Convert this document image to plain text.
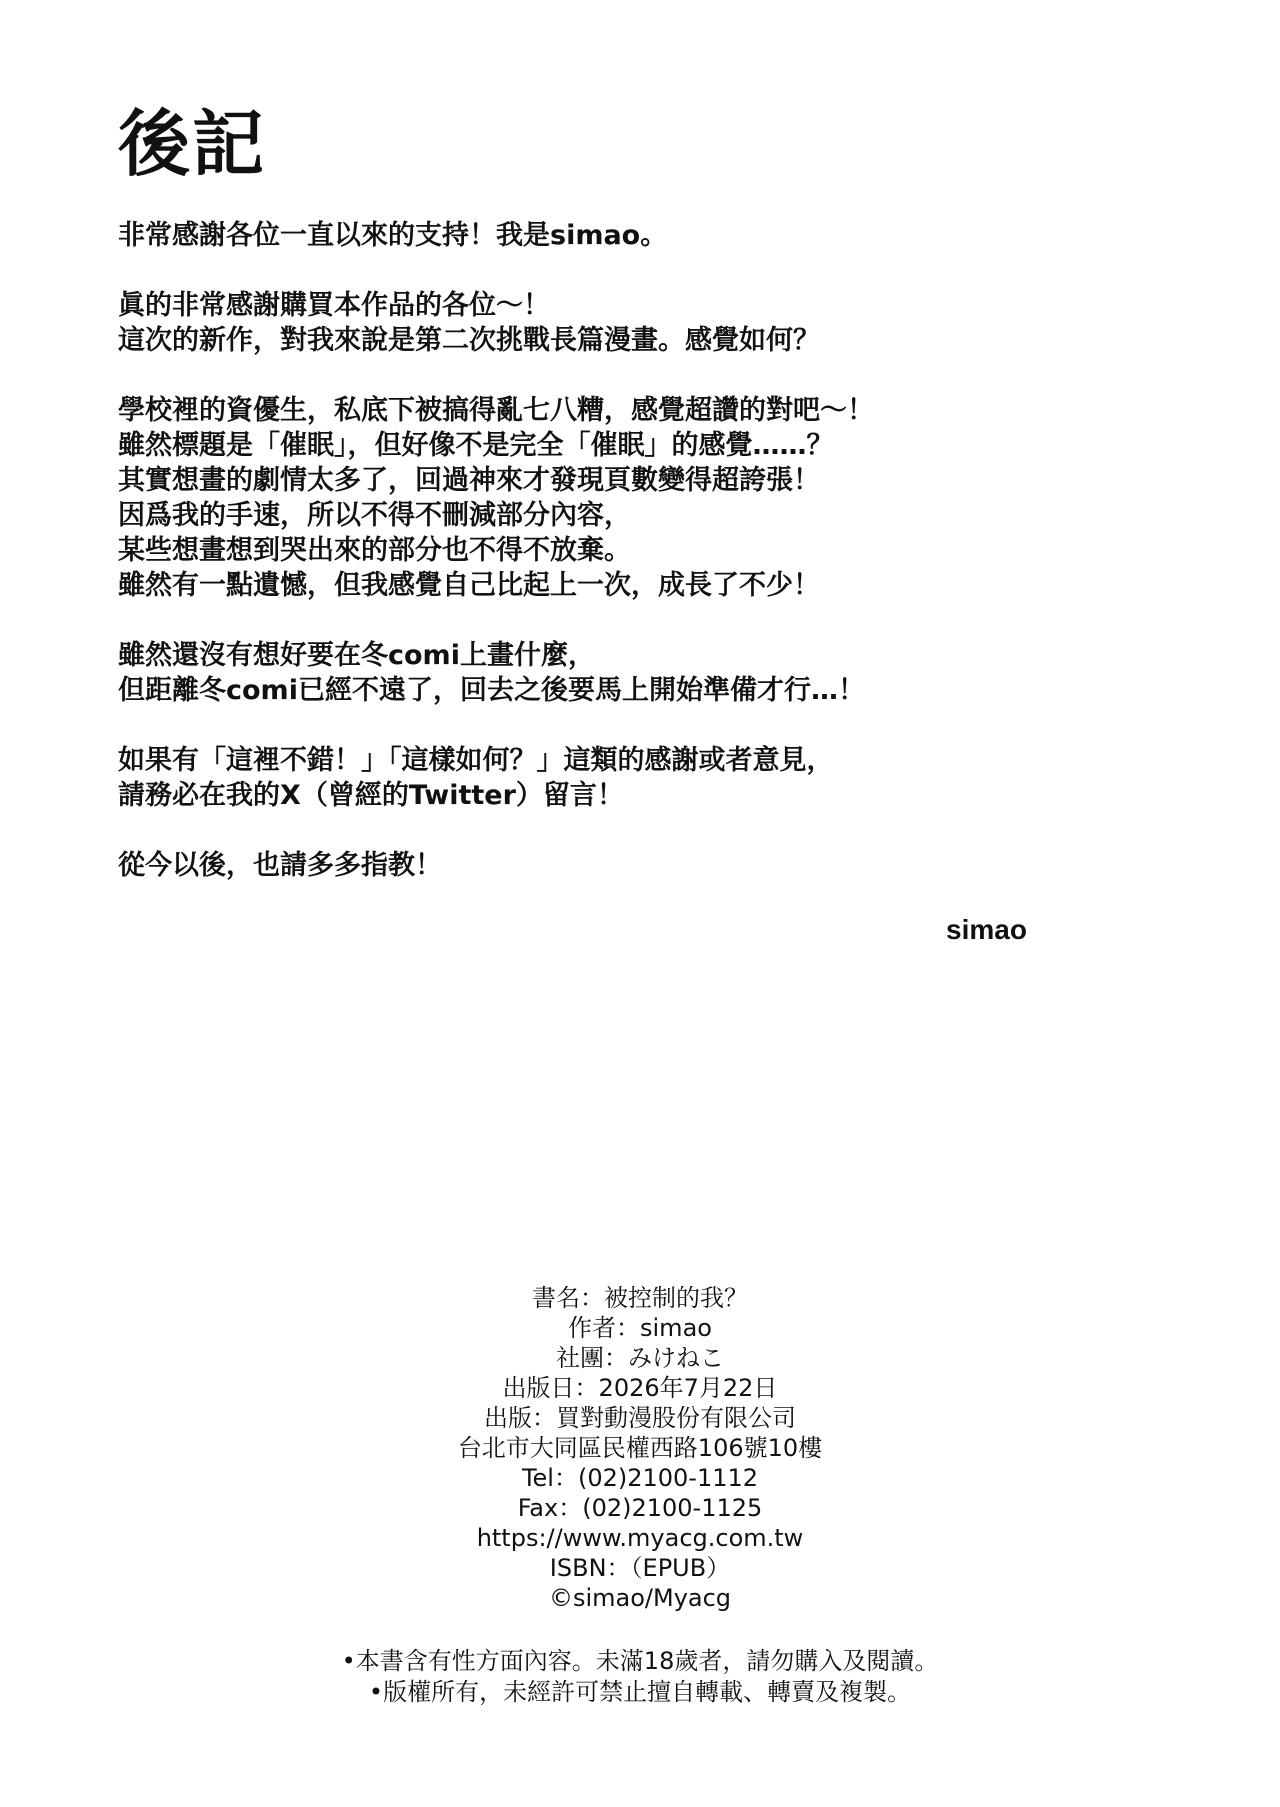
後記
非常感謝各位一直以來的支持！我是simao。
眞的非常感謝購買本作品的各位～！
這次的新作，對我來說是第二次挑戰長篇漫畫。感覺如何？
學校裡的資優生，私底下被搞得亂七八糟，感覺超讚的對吧～！
雖然標題是「催眠」，但好像不是完全「催眠」的感覺……？
其實想畫的劇情太多了，回過神來才發現頁數變得超誇張！
因爲我的手速，所以不得不刪減部分內容，
某些想畫想到哭出來的部分也不得不放棄。
雖然有一點遺憾，但我感覺自己比起上一次，成長了不少！
雖然還沒有想好要在冬comi上畫什麼，
但距離冬comi已經不遠了，回去之後要馬上開始準備才行…！
如果有「這裡不錯！」「這樣如何？」這類的感謝或者意見，
請務必在我的X（曾經的Twitter）留言！
從今以後，也請多多指教！
simao
書名：被控制的我？
作者：simao
社團：みけねこ
出版日：2026年7月22日
出版：買對動漫股份有限公司
台北市大同區民權西路106號10樓
Tel：(02)2100-1112
Fax：(02)2100-1125
https://www.myacg.com.tw
ISBN：（EPUB）
©simao/Myacg
•本書含有性方面內容。未滿18歲者，請勿購入及閱讀。
•版權所有，未經許可禁止擅自轉載、轉賣及複製。
